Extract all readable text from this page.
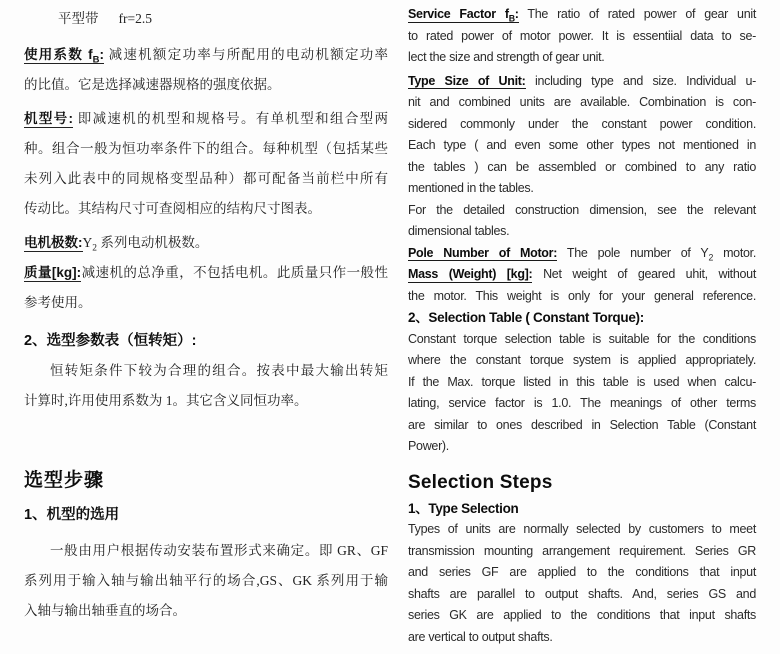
平型带 fr=2.5
使用系数 $f_B$: 减速机额定功率与所配用的电动机额定功率
的比值。它是选择减速器规格的强度依据。
机型号: 即减速机的机型和规格号。有单机型和组合型两
种。组合一般为恒功率条件下的组合。每种机型（包括某些
未列入此表中的同规格变型品种）都可配备当前栏中所有
传动比。其结构尺寸可查阅相应的结构尺寸图表。
电机极数$:Y_2$ 系列电动机极数。
质量[kg]:减速机的总净重，不包括电机。此质量只作一般性
参考使用。
2、选型参数表（恒转矩）:
恒转矩条件下较为合理的组合。按表中最大输出转矩
计算时,许用使用系数为 1。其它含义同恒功率。
选型步骤
1、机型的选用
一般由用户根据传动安装布置形式来确定。即 GR、GF
系列用于输入轴与输出轴平行的场合,GS、GK 系列用于输
入轴与输出轴垂直的场合。
Service Factor $f_B$: The ratio of rated power of gear unit
to rated power of motor power. It is essentiial data to se-
lect the size and strength of gear unit.
Type Size of Unit: including type and size. Individual u-
nit and combined units are available. Combination is con-
sidered commonly under the constant power condition.
Each type ( and even some other types not mentioned in
the tables ) can be assembled or combined to any ratio
mentioned in the tables.
For the detailed construction dimension, see the relevant
dimensional tables.
Pole Number of Motor: The pole number of $Y_2$ motor.
Mass (Weight) [kg]: Net weight of geared uhit, without
the motor. This weight is only for your general reference.
2、Selection Table ( Constant Torque):
Constant torque selection table is suitable for the conditions
where the constant torque system is applied appropriately.
If the Max. torque listed in this table is used when calcu-
lating, service factor is 1.0. The meanings of other terms
are similar to ones described in Selection Table (Constant
Power).
Selection Steps
1、Type Selection
Types of units are normally selected by customers to meet
transmission mounting arrangement requirement. Series GR
and series GF are applied to the conditions that input
shafts are parallel to output shafts. And, series GS and
series GK are applied to the conditions that input shafts
are vertical to output shafts.
